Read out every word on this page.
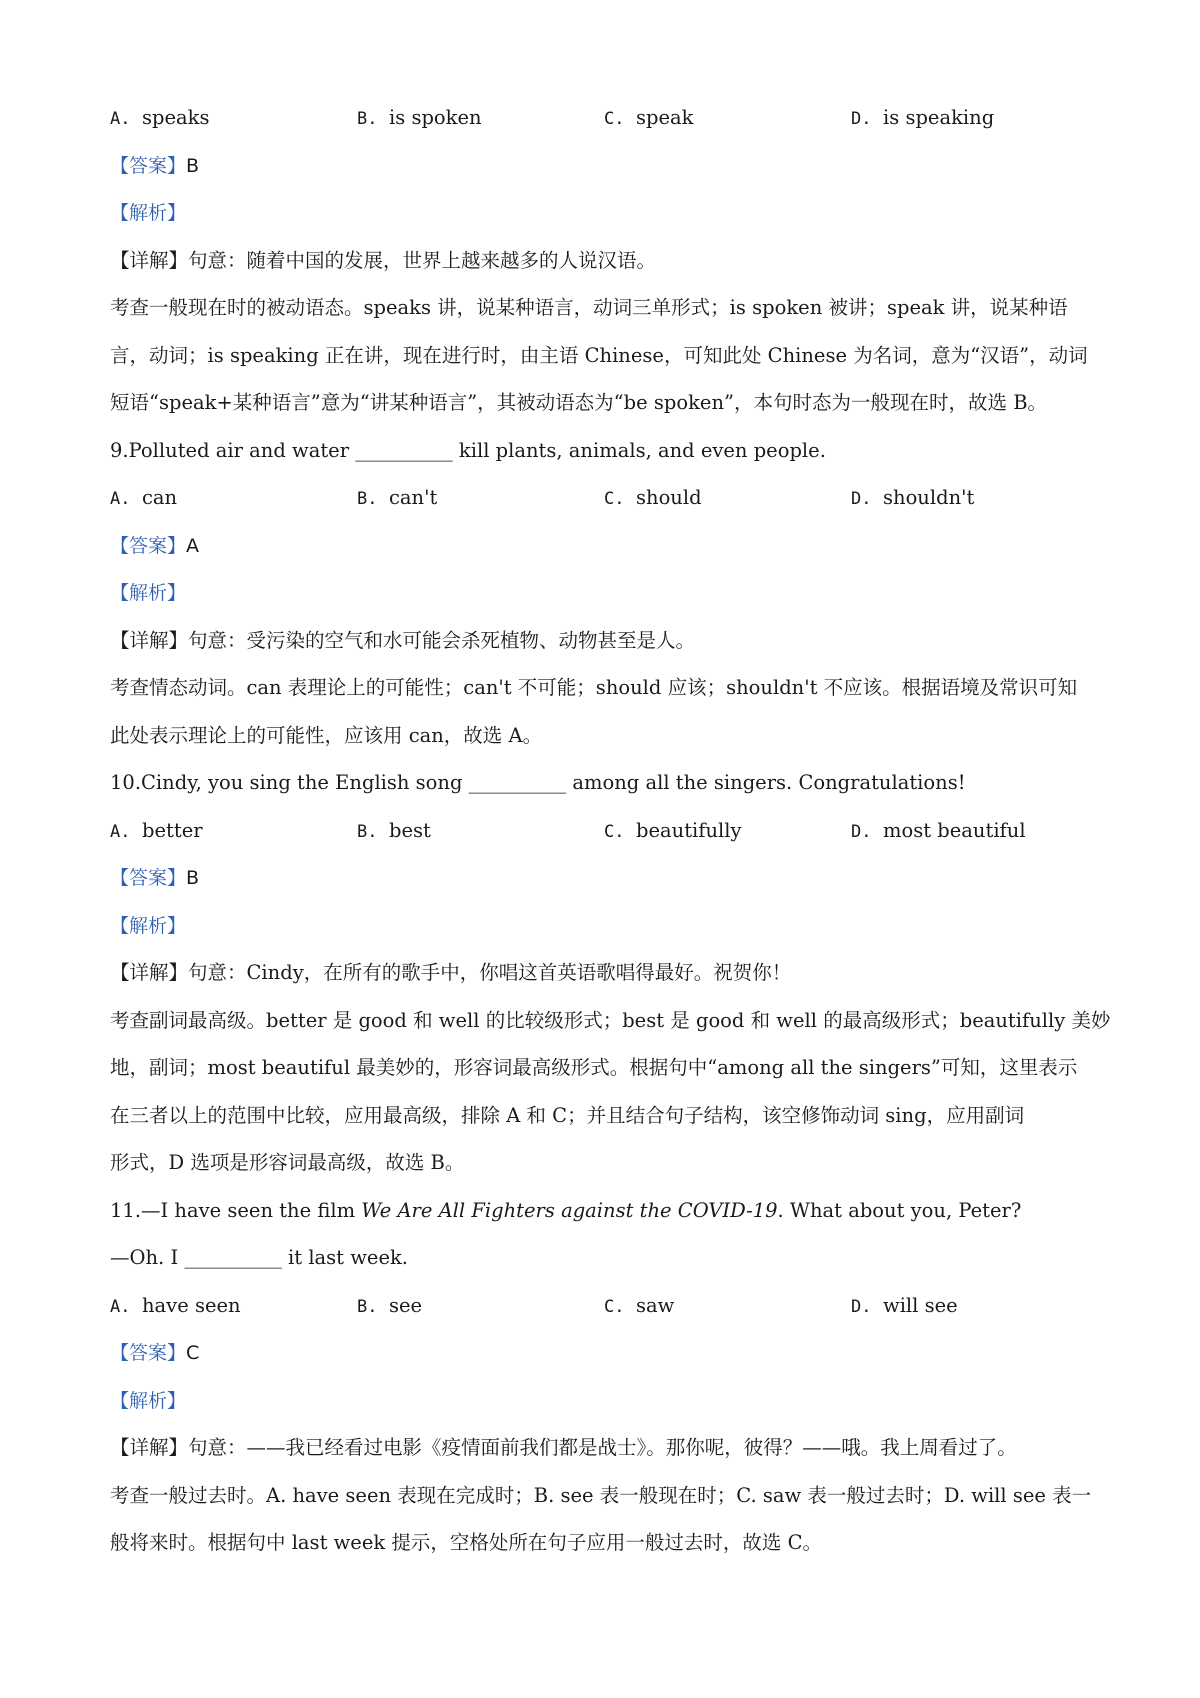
A. speaks	B. is spoken	C. speak	D. is speaking
【答案】B
【解析】
【详解】句意：随着中国的发展，世界上越来越多的人说汉语。
考查一般现在时的被动语态。speaks 讲，说某种语言，动词三单形式；is spoken 被讲；speak 讲，说某种语
言，动词；is speaking 正在讲，现在进行时，由主语 Chinese，可知此处 Chinese 为名词，意为“汉语”，动词
短语“speak+某种语言”意为“讲某种语言”，其被动语态为“be spoken”，本句时态为一般现在时，故选 B。
9.Polluted air and water __________ kill plants, animals, and even people.
A. can	B. can't	C. should	D. shouldn't
【答案】A
【解析】
【详解】句意：受污染的空气和水可能会杀死植物、动物甚至是人。
考查情态动词。can 表理论上的可能性；can't 不可能；should 应该；shouldn't 不应该。根据语境及常识可知
此处表示理论上的可能性，应该用 can，故选 A。
10.Cindy, you sing the English song __________ among all the singers. Congratulations!
A. better	B. best	C. beautifully	D. most beautiful
【答案】B
【解析】
【详解】句意：Cindy，在所有的歌手中，你唱这首英语歌唱得最好。祝贺你！
考查副词最高级。better 是 good 和 well 的比较级形式；best 是 good 和 well 的最高级形式；beautifully 美妙
地，副词；most beautiful 最美妙的，形容词最高级形式。根据句中“among all the singers”可知，这里表示
在三者以上的范围中比较，应用最高级，排除 A 和 C；并且结合句子结构，该空修饰动词 sing，应用副词
形式，D 选项是形容词最高级，故选 B。
11.—I have seen the film We Are All Fighters against the COVID-19. What about you, Peter?
—Oh. I __________ it last week.
A. have seen	B. see	C. saw	D. will see
【答案】C
【解析】
【详解】句意：——我已经看过电影《疫情面前我们都是战士》。那你呢，彼得？——哦。我上周看过了。
考查一般过去时。A. have seen 表现在完成时；B. see 表一般现在时；C. saw 表一般过去时；D. will see 表一
般将来时。根据句中 last week 提示，空格处所在句子应用一般过去时，故选 C。
